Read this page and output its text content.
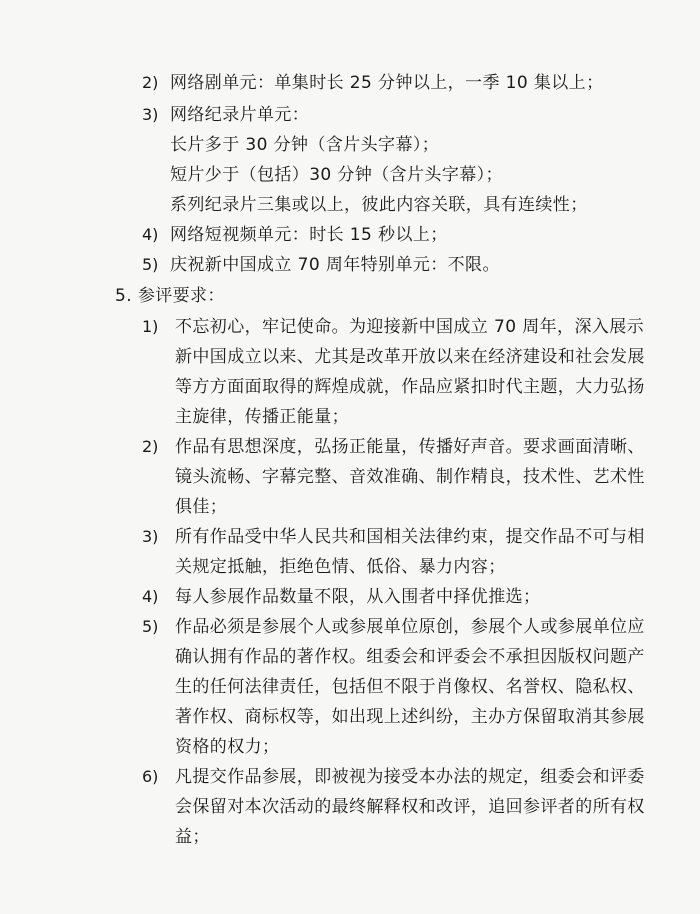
2) 网络剧单元：单集时长 25 分钟以上，一季 10 集以上；
3) 网络纪录片单元：
长片多于 30 分钟（含片头字幕）；
短片少于（包括）30 分钟（含片头字幕）；
系列纪录片三集或以上，彼此内容关联，具有连续性；
4) 网络短视频单元：时长 15 秒以上；
5) 庆祝新中国成立 70 周年特别单元：不限。
5. 参评要求：
1) 不忘初心，牢记使命。为迎接新中国成立 70 周年，深入展示
新中国成立以来、尤其是改革开放以来在经济建设和社会发展
等方方面面取得的辉煌成就，作品应紧扣时代主题，大力弘扬
主旋律，传播正能量；
2) 作品有思想深度，弘扬正能量，传播好声音。要求画面清晰、
镜头流畅、字幕完整、音效准确、制作精良，技术性、艺术性
俱佳；
3) 所有作品受中华人民共和国相关法律约束，提交作品不可与相
关规定抵触，拒绝色情、低俗、暴力内容；
4) 每人参展作品数量不限，从入围者中择优推选；
5) 作品必须是参展个人或参展单位原创，参展个人或参展单位应
确认拥有作品的著作权。组委会和评委会不承担因版权问题产
生的任何法律责任，包括但不限于肖像权、名誉权、隐私权、
著作权、商标权等，如出现上述纠纷，主办方保留取消其参展
资格的权力；
6) 凡提交作品参展，即被视为接受本办法的规定，组委会和评委
会保留对本次活动的最终解释权和改评，追回参评者的所有权
益；
